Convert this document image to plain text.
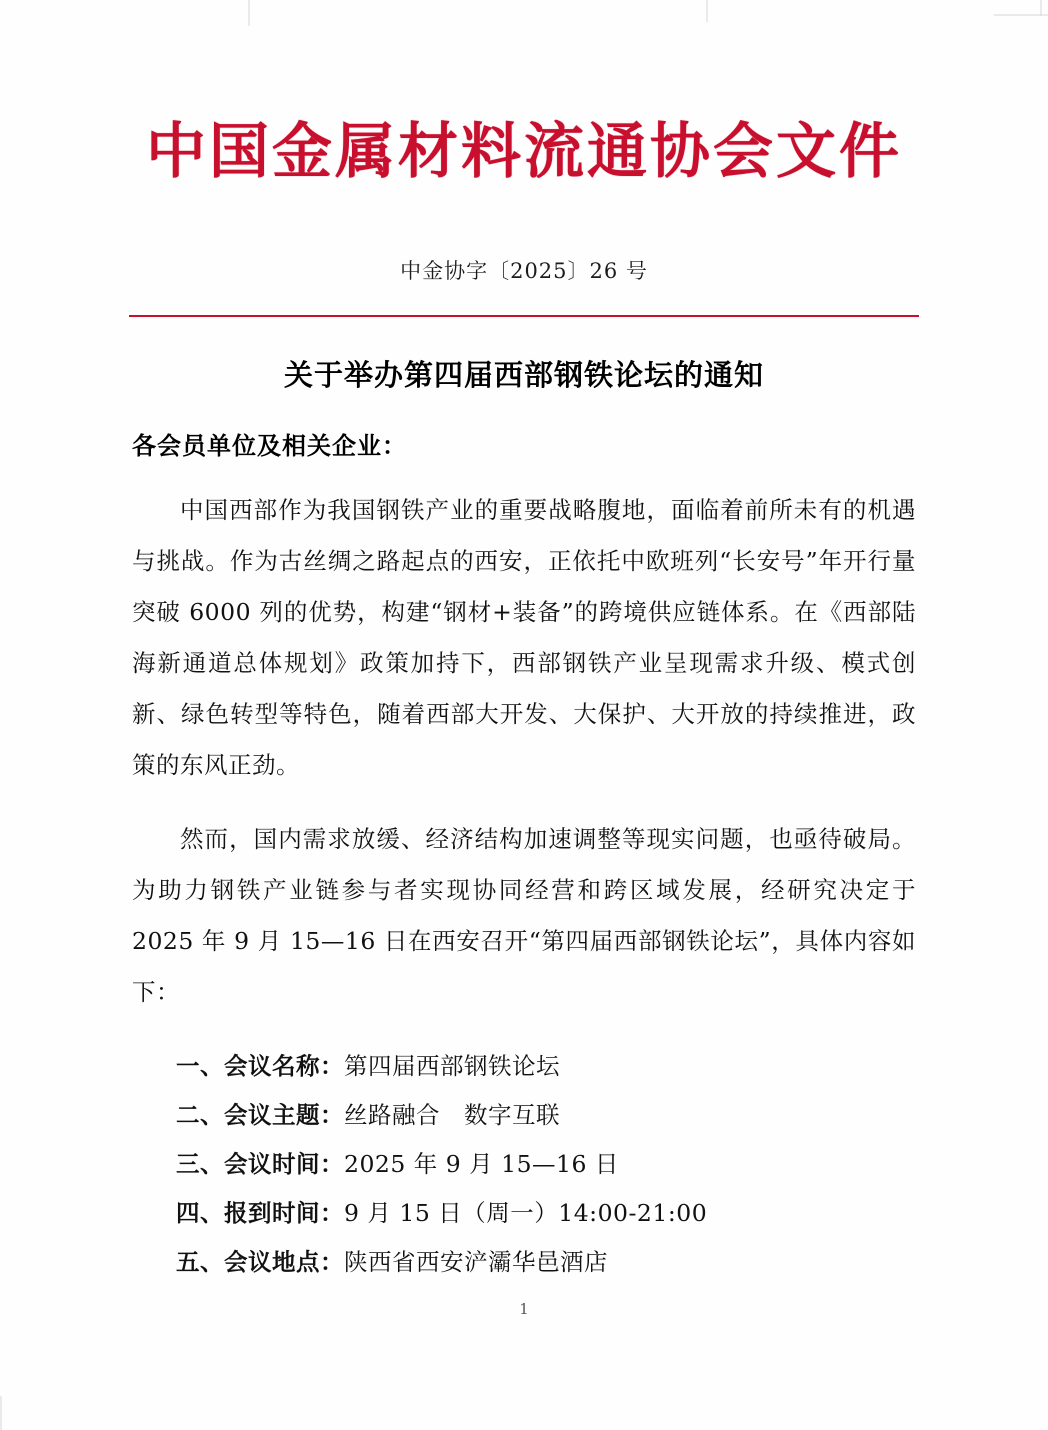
中国金属材料流通协会文件
中金协字〔2025〕26 号
关于举办第四届西部钢铁论坛的通知
各会员单位及相关企业：

中国西部作为我国钢铁产业的重要战略腹地，面临着前所未有的机遇与挑战。作为古丝绸之路起点的西安，正依托中欧班列“长安号”年开行量突破 6000 列的优势，构建“钢材+装备”的跨境供应链体系。在《西部陆海新通道总体规划》政策加持下，西部钢铁产业呈现需求升级、模式创新、绿色转型等特色，随着西部大开发、大保护、大开放的持续推进，政策的东风正劲。

然而，国内需求放缓、经济结构加速调整等现实问题，也亟待破局。为助力钢铁产业链参与者实现协同经营和跨区域发展，经研究决定于 2025 年 9 月 15—16 日在西安召开“第四届西部钢铁论坛”，具体内容如下：

一、会议名称：第四届西部钢铁论坛
二、会议主题：丝路融合　数字互联
三、会议时间：2025 年 9 月 15—16 日
四、报到时间：9 月 15 日（周一）14:00-21:00
五、会议地点：陕西省西安浐灞华邑酒店
1
